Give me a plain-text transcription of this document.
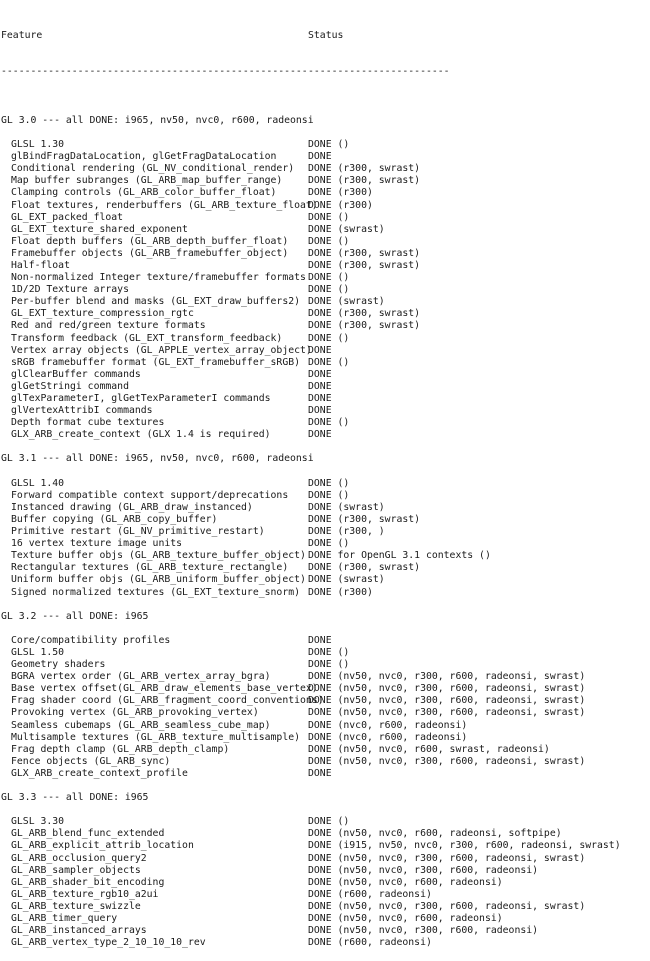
Feature	Status

----------------------------------------------------------------------------

GL 3.0 --- all DONE: i965, nv50, nvc0, r600, radeonsi
GLSL 1.30	DONE ()
glBindFragDataLocation, glGetFragDataLocation	DONE
Conditional rendering (GL_NV_conditional_render) DONE (r300, swrast)
Map buffer subranges (GL_ARB_map_buffer_range)	DONE (r300, swrast)
Clamping controls (GL_ARB_color_buffer_float)	DONE (r300)
Float textures, renderbuffers (GL_ARB_texture_float)DONE (r300)
GL_EXT_packed_float	DONE ()
GL_EXT_texture_shared_exponent	DONE (swrast)
Float depth buffers (GL_ARB_depth_buffer_float) DONE ()
Framebuffer objects (GL_ARB_framebuffer_object) DONE (r300, swrast)
Half-float	DONE (r300, swrast)
Non-normalized Integer texture/framebuffer formats DONE ()
1D/2D Texture arrays	DONE ()
Per-buffer blend and masks (GL_EXT_draw_buffers2) DONE (swrast)
GL_EXT_texture_compression_rgtc	DONE (r300, swrast)
Red and red/green texture formats	DONE (r300, swrast)
Transform feedback (GL_EXT_transform_feedback)	DONE ()
Vertex array objects (GL_APPLE_vertex_array_object)DONE
sRGB framebuffer format (GL_EXT_framebuffer_sRGB) DONE ()
glClearBuffer commands	DONE
glGetStringi command	DONE
glTexParameterI, glGetTexParameterI commands	DONE
glVertexAttribI commands	DONE
Depth format cube textures	DONE ()
GLX_ARB_create_context (GLX 1.4 is required)	DONE
GL 3.1 --- all DONE: i965, nv50, nvc0, r600, radeonsi
GLSL 1.40	DONE ()
Forward compatible context support/deprecations DONE ()
Instanced drawing (GL_ARB_draw_instanced)	DONE (swrast)
Buffer copying (GL_ARB_copy_buffer)	DONE (r300, swrast)
Primitive restart (GL_NV_primitive_restart)	DONE (r300, )
16 vertex texture image units	DONE ()
Texture buffer objs (GL_ARB_texture_buffer_object) DONE for OpenGL 3.1 contexts ()
Rectangular textures (GL_ARB_texture_rectangle) DONE (r300, swrast)
Uniform buffer objs (GL_ARB_uniform_buffer_object) DONE (swrast)
Signed normalized textures (GL_EXT_texture_snorm) DONE (r300)
GL 3.2 --- all DONE: i965
Core/compatibility profiles	DONE
GLSL 1.50	DONE ()
Geometry shaders	DONE ()
BGRA vertex order (GL_ARB_vertex_array_bgra)	DONE (nv50, nvc0, r300, r600, radeonsi, swrast)
Base vertex offset(GL_ARB_draw_elements_base_vertex)DONE (nv50, nvc0, r300, r600, radeonsi, swrast)
Frag shader coord (GL_ARB_fragment_coord_conventions)DONE (nv50, nvc0, r300, r600, radeonsi, swrast)
Provoking vertex (GL_ARB_provoking_vertex)	DONE (nv50, nvc0, r300, r600, radeonsi, swrast)
Seamless cubemaps (GL_ARB_seamless_cube_map)	DONE (nvc0, r600, radeonsi)
Multisample textures (GL_ARB_texture_multisample) DONE (nvc0, r600, radeonsi)
Frag depth clamp (GL_ARB_depth_clamp)	DONE (nv50, nvc0, r600, swrast, radeonsi)
Fence objects (GL_ARB_sync)	DONE (nv50, nvc0, r300, r600, radeonsi, swrast)
GLX_ARB_create_context_profile	DONE
GL 3.3 --- all DONE: i965
GLSL 3.30	DONE ()
GL_ARB_blend_func_extended	DONE (nv50, nvc0, r600, radeonsi, softpipe)
GL_ARB_explicit_attrib_location	DONE (i915, nv50, nvc0, r300, r600, radeonsi, swrast)
GL_ARB_occlusion_query2	DONE (nv50, nvc0, r300, r600, radeonsi, swrast)
GL_ARB_sampler_objects	DONE (nv50, nvc0, r300, r600, radeonsi)
GL_ARB_shader_bit_encoding	DONE (nv50, nvc0, r600, radeonsi)
GL_ARB_texture_rgb10_a2ui	DONE (r600, radeonsi)
GL_ARB_texture_swizzle	DONE (nv50, nvc0, r300, r600, radeonsi, swrast)
GL_ARB_timer_query	DONE (nv50, nvc0, r600, radeonsi)
GL_ARB_instanced_arrays	DONE (nv50, nvc0, r300, r600, radeonsi)
GL_ARB_vertex_type_2_10_10_10_rev	DONE (r600, radeonsi)
